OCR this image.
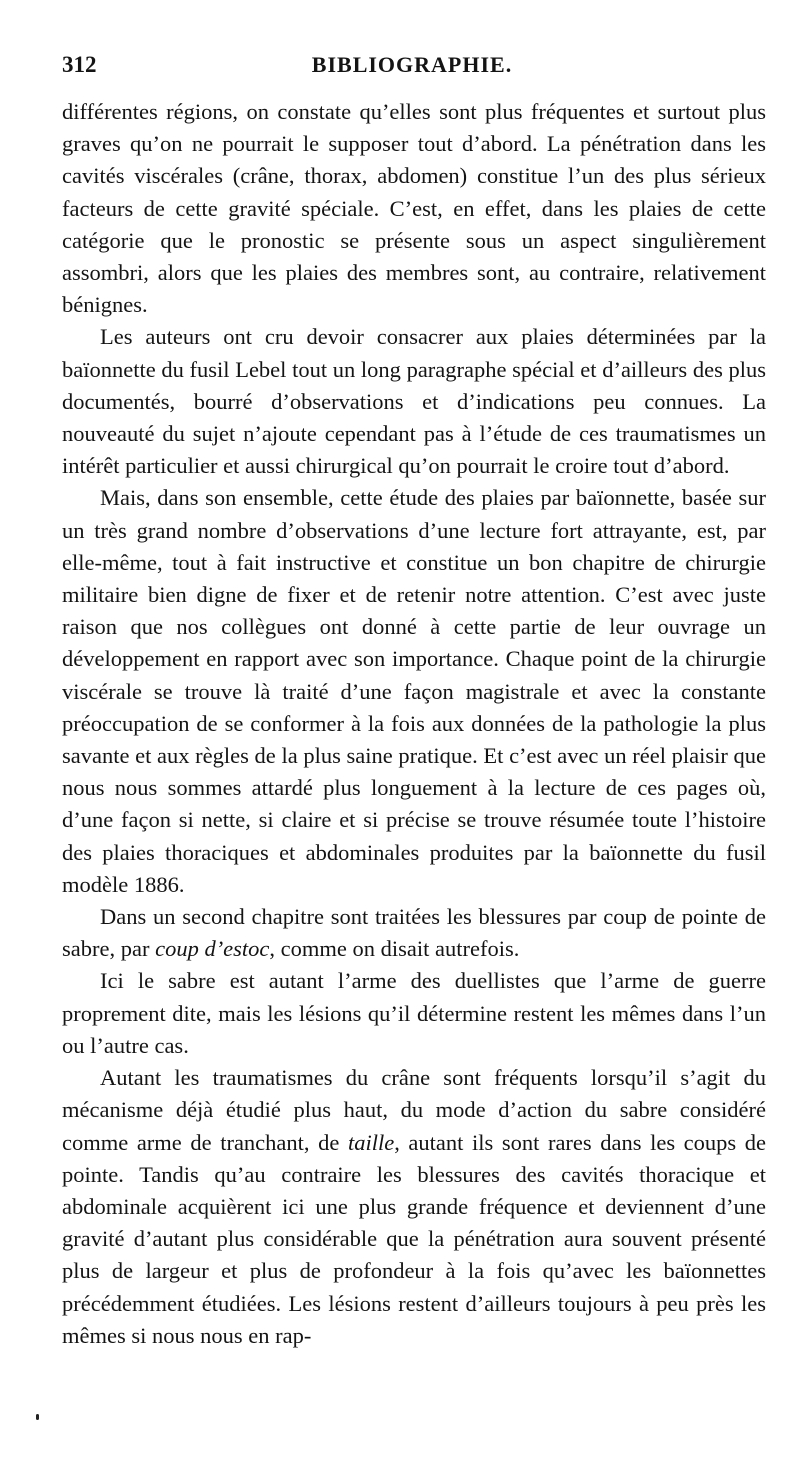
312	BIBLIOGRAPHIE.

différentes régions, on constate qu’elles sont plus fréquentes et surtout plus graves qu’on ne pourrait le supposer tout d’abord. La pénétration dans les cavités viscérales (crâne, thorax, abdomen) constitue l’un des plus sérieux facteurs de cette gravité spéciale. C’est, en effet, dans les plaies de cette catégorie que le pronostic se présente sous un aspect singulièrement assombri, alors que les plaies des membres sont, au contraire, relativement bénignes.

Les auteurs ont cru devoir consacrer aux plaies déterminées par la baïonnette du fusil Lebel tout un long paragraphe spécial et d’ailleurs des plus documentés, bourré d’observations et d’indications peu connues. La nouveauté du sujet n’ajoute cependant pas à l’étude de ces traumatismes un intérêt particulier et aussi chirurgical qu’on pourrait le croire tout d’abord.

Mais, dans son ensemble, cette étude des plaies par baïonnette, basée sur un très grand nombre d’observations d’une lecture fort attrayante, est, par elle-même, tout à fait instructive et constitue un bon chapitre de chirurgie militaire bien digne de fixer et de retenir notre attention. C’est avec juste raison que nos collègues ont donné à cette partie de leur ouvrage un développement en rapport avec son importance. Chaque point de la chirurgie viscérale se trouve là traité d’une façon magistrale et avec la constante préoccupation de se conformer à la fois aux données de la pathologie la plus savante et aux règles de la plus saine pratique. Et c’est avec un réel plaisir que nous nous sommes attardé plus longuement à la lecture de ces pages où, d’une façon si nette, si claire et si précise se trouve résumée toute l’histoire des plaies thoraciques et abdominales produites par la baïonnette du fusil modèle 1886.

Dans un second chapitre sont traitées les blessures par coup de pointe de sabre, par coup d’estoc, comme on disait autrefois.

Ici le sabre est autant l’arme des duellistes que l’arme de guerre proprement dite, mais les lésions qu’il détermine restent les mêmes dans l’un ou l’autre cas.

Autant les traumatismes du crâne sont fréquents lorsqu’il s’agit du mécanisme déjà étudié plus haut, du mode d’action du sabre considéré comme arme de tranchant, de taille, autant ils sont rares dans les coups de pointe. Tandis qu’au contraire les blessures des cavités thoracique et abdominale acquièrent ici une plus grande fréquence et deviennent d’une gravité d’autant plus considérable que la pénétration aura souvent présenté plus de largeur et plus de profondeur à la fois qu’avec les baïonnettes précédemment étudiées. Les lésions restent d’ailleurs toujours à peu près les mêmes si nous nous en rap-
